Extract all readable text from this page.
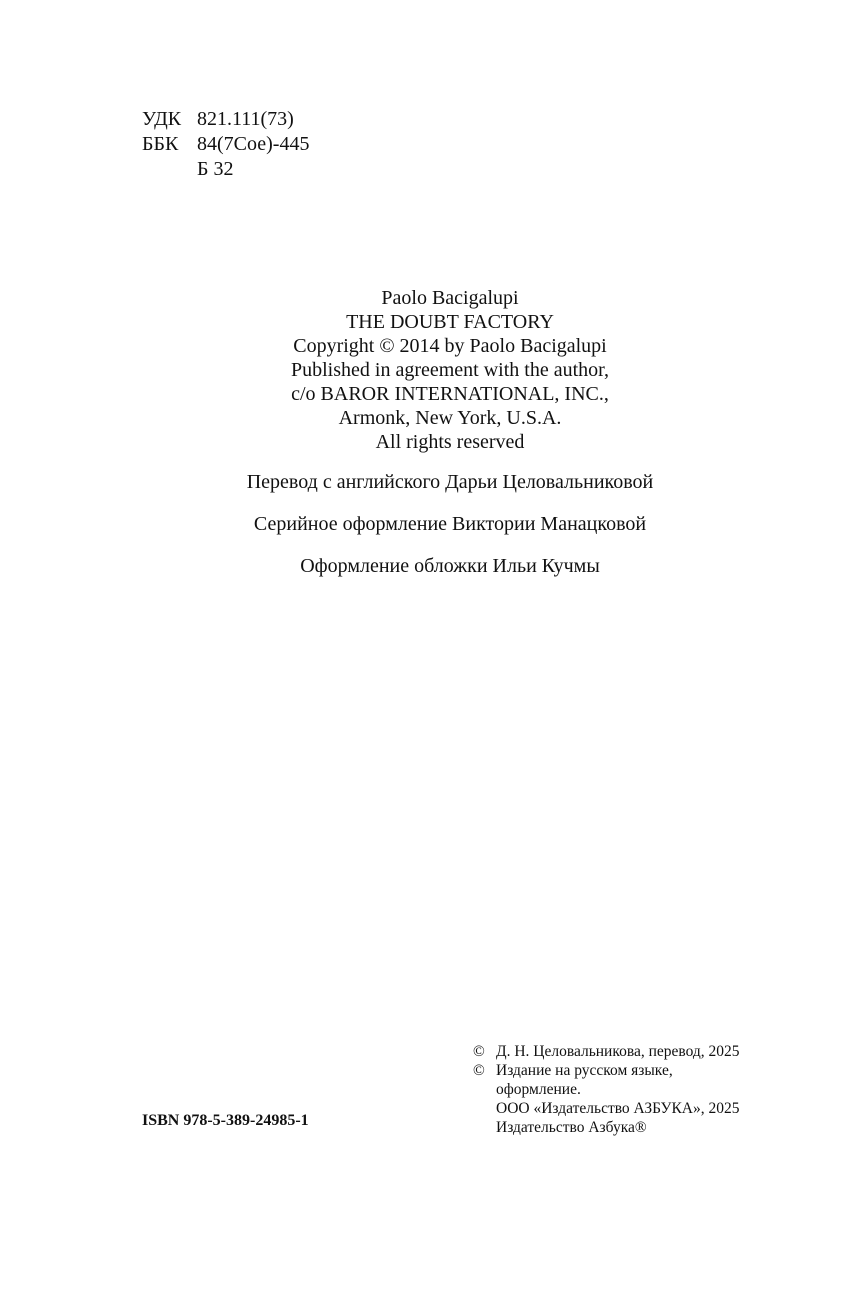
УДК 821.111(73)
ББК 84(7Сое)-445
Б 32
Paolo Bacigalupi
THE DOUBT FACTORY
Copyright © 2014 by Paolo Bacigalupi
Published in agreement with the author,
c/o BAROR INTERNATIONAL, INC.,
Armonk, New York, U.S.A.
All rights reserved
Перевод с английского Дарьи Целовальниковой
Серийное оформление Виктории Манацковой
Оформление обложки Ильи Кучмы
ISBN 978-5-389-24985-1
© Д. Н. Целовальникова, перевод, 2025
© Издание на русском языке,
оформление.
ООО «Издательство АЗБУКА», 2025
Издательство Азбука®
